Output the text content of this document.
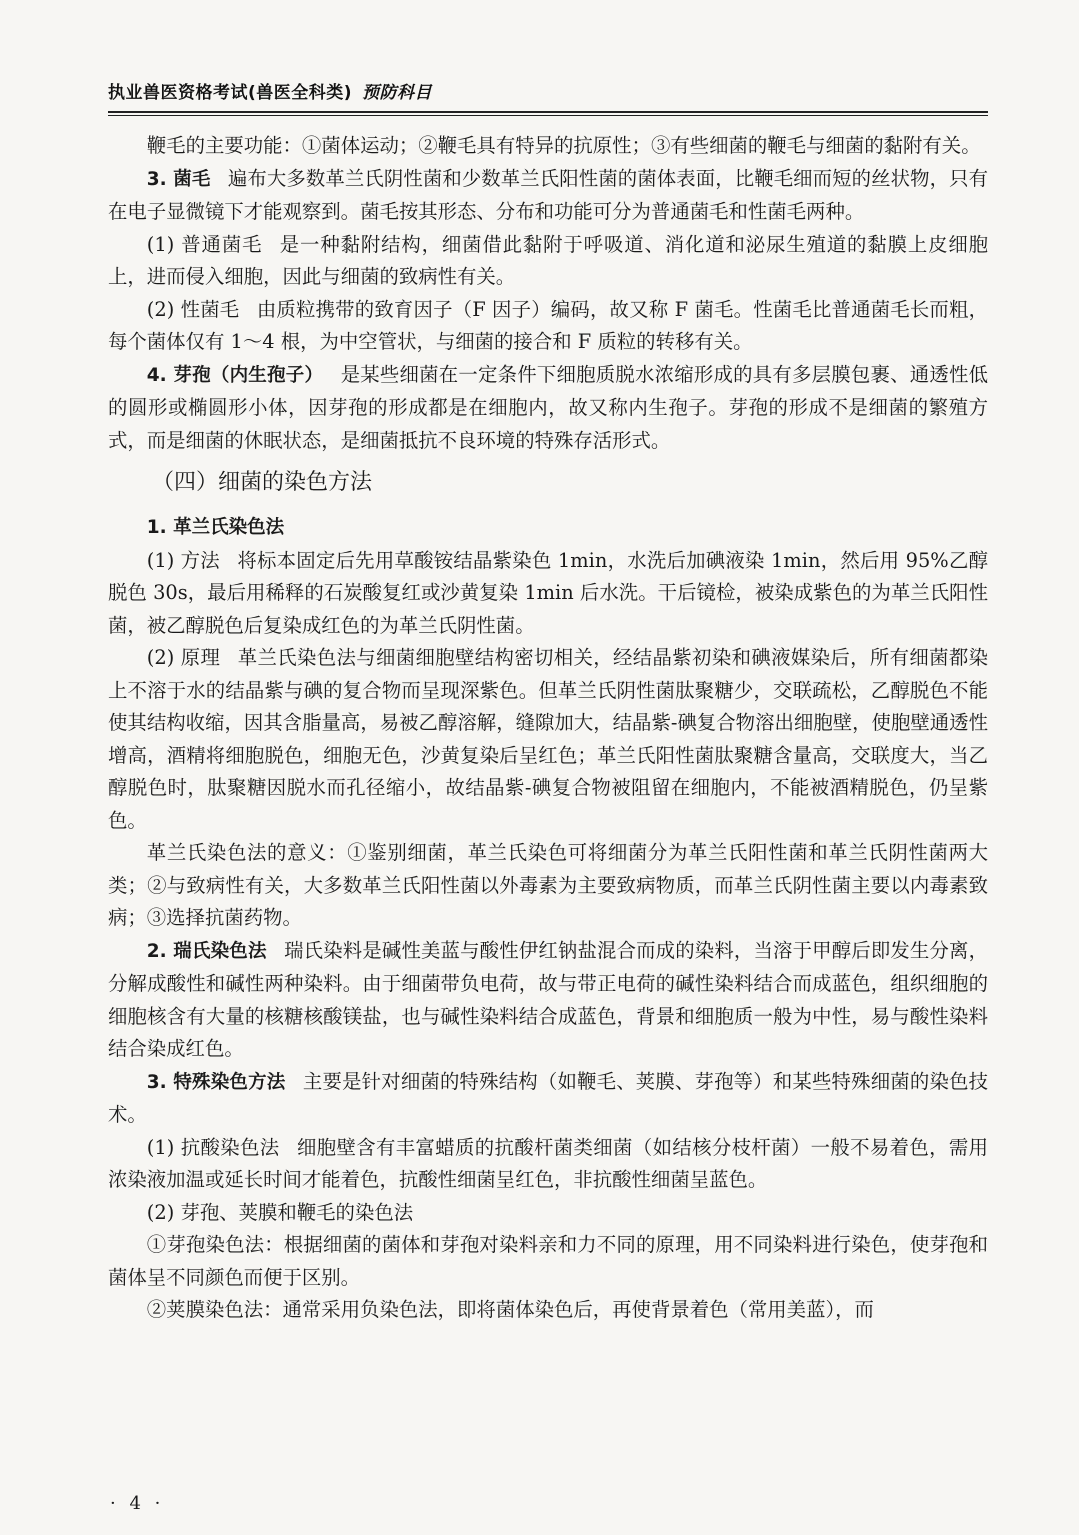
执业兽医资格考试(兽医全科类) 预防科目

鞭毛的主要功能：①菌体运动；②鞭毛具有特异的抗原性；③有些细菌的鞭毛与细菌的黏附有关。

3. 菌毛 遍布大多数革兰氏阴性菌和少数革兰氏阳性菌的菌体表面，比鞭毛细而短的丝状物，只有在电子显微镜下才能观察到。菌毛按其形态、分布和功能可分为普通菌毛和性菌毛两种。

(1) 普通菌毛 是一种黏附结构，细菌借此黏附于呼吸道、消化道和泌尿生殖道的黏膜上皮细胞上，进而侵入细胞，因此与细菌的致病性有关。

(2) 性菌毛 由质粒携带的致育因子（F 因子）编码，故又称 F 菌毛。性菌毛比普通菌毛长而粗，每个菌体仅有 1～4 根，为中空管状，与细菌的接合和 F 质粒的转移有关。

4. 芽孢（内生孢子） 是某些细菌在一定条件下细胞质脱水浓缩形成的具有多层膜包裹、通透性低的圆形或椭圆形小体，因芽孢的形成都是在细胞内，故又称内生孢子。芽孢的形成不是细菌的繁殖方式，而是细菌的休眠状态，是细菌抵抗不良环境的特殊存活形式。

（四）细菌的染色方法

1. 革兰氏染色法

(1) 方法 将标本固定后先用草酸铵结晶紫染色 1min，水洗后加碘液染 1min，然后用 95%乙醇脱色 30s，最后用稀释的石炭酸复红或沙黄复染 1min 后水洗。干后镜检，被染成紫色的为革兰氏阳性菌，被乙醇脱色后复染成红色的为革兰氏阴性菌。

(2) 原理 革兰氏染色法与细菌细胞壁结构密切相关，经结晶紫初染和碘液媒染后，所有细菌都染上不溶于水的结晶紫与碘的复合物而呈现深紫色。但革兰氏阴性菌肽聚糖少，交联疏松，乙醇脱色不能使其结构收缩，因其含脂量高，易被乙醇溶解，缝隙加大，结晶紫-碘复合物溶出细胞壁，使胞壁通透性增高，酒精将细胞脱色，细胞无色，沙黄复染后呈红色；革兰氏阳性菌肽聚糖含量高，交联度大，当乙醇脱色时，肽聚糖因脱水而孔径缩小，故结晶紫-碘复合物被阻留在细胞内，不能被酒精脱色，仍呈紫色。

革兰氏染色法的意义：①鉴别细菌，革兰氏染色可将细菌分为革兰氏阳性菌和革兰氏阴性菌两大类；②与致病性有关，大多数革兰氏阳性菌以外毒素为主要致病物质，而革兰氏阴性菌主要以内毒素致病；③选择抗菌药物。

2. 瑞氏染色法 瑞氏染料是碱性美蓝与酸性伊红钠盐混合而成的染料，当溶于甲醇后即发生分离，分解成酸性和碱性两种染料。由于细菌带负电荷，故与带正电荷的碱性染料结合而成蓝色，组织细胞的细胞核含有大量的核糖核酸镁盐，也与碱性染料结合成蓝色，背景和细胞质一般为中性，易与酸性染料结合染成红色。

3. 特殊染色方法 主要是针对细菌的特殊结构（如鞭毛、荚膜、芽孢等）和某些特殊细菌的染色技术。

(1) 抗酸染色法 细胞壁含有丰富蜡质的抗酸杆菌类细菌（如结核分枝杆菌）一般不易着色，需用浓染液加温或延长时间才能着色，抗酸性细菌呈红色，非抗酸性细菌呈蓝色。

(2) 芽孢、荚膜和鞭毛的染色法

①芽孢染色法：根据细菌的菌体和芽孢对染料亲和力不同的原理，用不同染料进行染色，使芽孢和菌体呈不同颜色而便于区别。

②荚膜染色法：通常采用负染色法，即将菌体染色后，再使背景着色（常用美蓝），而

· 4 ·
